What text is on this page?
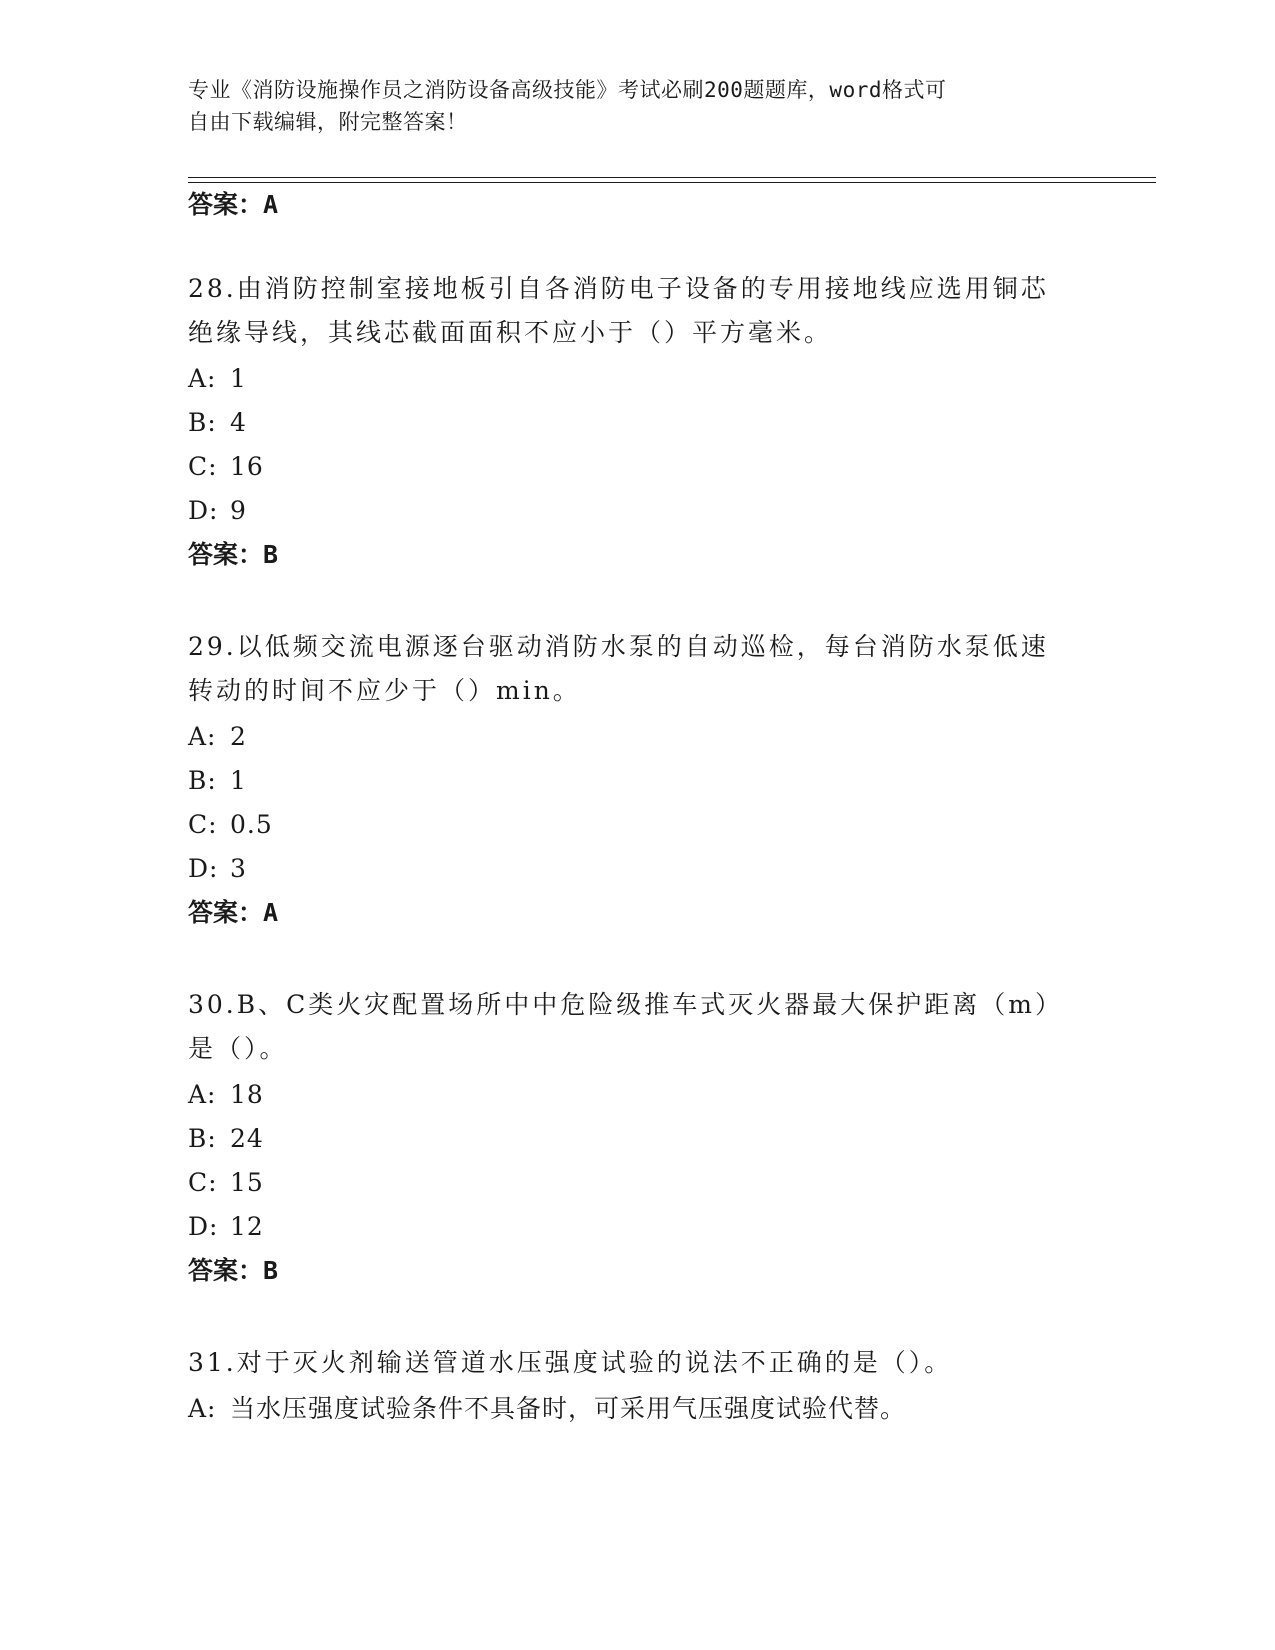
专业《消防设施操作员之消防设备高级技能》考试必刷200题题库，word格式可
自由下载编辑，附完整答案！
答案：A
28.由消防控制室接地板引自各消防电子设备的专用接地线应选用铜芯
绝缘导线，其线芯截面面积不应小于（）平方毫米。
A: 1
B: 4
C: 16
D: 9
答案：B
29.以低频交流电源逐台驱动消防水泵的自动巡检，每台消防水泵低速
转动的时间不应少于（）min。
A: 2
B: 1
C: 0.5
D: 3
答案：A
30.B、C类火灾配置场所中中危险级推车式灭火器最大保护距离（m）
是（）。
A: 18
B: 24
C: 15
D: 12
答案：B
31.对于灭火剂输送管道水压强度试验的说法不正确的是（）。
A: 当水压强度试验条件不具备时，可采用气压强度试验代替。
